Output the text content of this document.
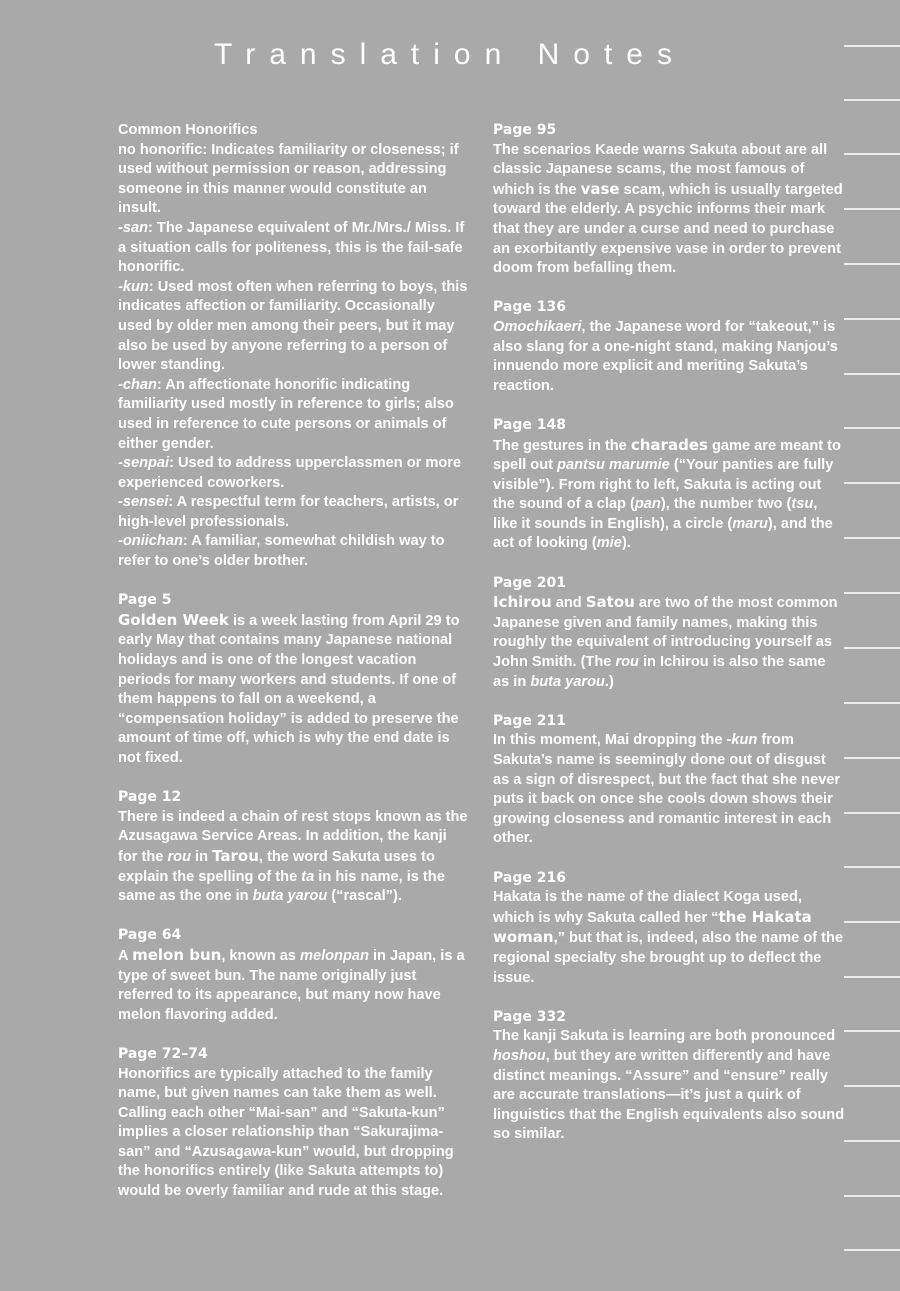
Translation Notes

Common Honorifics

no honorific: Indicates familiarity or closeness; if used without permission or reason, addressing someone in this manner would constitute an insult.

-san: The Japanese equivalent of Mr./Mrs./ Miss. If a situation calls for politeness, this is the fail-safe honorific.

-kun: Used most often when referring to boys, this indicates affection or familiarity. Occasionally used by older men among their peers, but it may also be used by anyone referring to a person of lower standing.

-chan: An affectionate honorific indicating familiarity used mostly in reference to girls; also used in reference to cute persons or animals of either gender.

-senpai: Used to address upperclassmen or more experienced coworkers.

-sensei: A respectful term for teachers, artists, or high-level professionals.

-oniichan: A familiar, somewhat childish way to refer to one’s older brother.

Page 5

Golden Week is a week lasting from April 29 to early May that contains many Japanese national holidays and is one of the longest vacation periods for many workers and students. If one of them happens to fall on a weekend, a “compensation holiday” is added to preserve the amount of time off, which is why the end date is not fixed.

Page 12

There is indeed a chain of rest stops known as the Azusagawa Service Areas. In addition, the kanji for the rou in Tarou, the word Sakuta uses to explain the spelling of the ta in his name, is the same as the one in buta yarou (“rascal”).

Page 64

A melon bun, known as melonpan in Japan, is a type of sweet bun. The name originally just referred to its appearance, but many now have melon flavoring added.

Page 72–74

Honorifics are typically attached to the family name, but given names can take them as well. Calling each other “Mai-san” and “Sakuta-kun” implies a closer relationship than “Sakurajima-san” and “Azusagawa-kun” would, but dropping the honorifics entirely (like Sakuta attempts to) would be overly familiar and rude at this stage.

Page 95

The scenarios Kaede warns Sakuta about are all classic Japanese scams, the most famous of which is the vase scam, which is usually targeted toward the elderly. A psychic informs their mark that they are under a curse and need to purchase an exorbitantly expensive vase in order to prevent doom from befalling them.

Page 136

Omochikaeri, the Japanese word for “takeout,” is also slang for a one-night stand, making Nanjou’s innuendo more explicit and meriting Sakuta’s reaction.

Page 148

The gestures in the charades game are meant to spell out pantsu marumie (“Your panties are fully visible”). From right to left, Sakuta is acting out the sound of a clap (pan), the number two (tsu, like it sounds in English), a circle (maru), and the act of looking (mie).

Page 201

Ichirou and Satou are two of the most common Japanese given and family names, making this roughly the equivalent of introducing yourself as John Smith. (The rou in Ichirou is also the same as in buta yarou.)

Page 211

In this moment, Mai dropping the -kun from Sakuta’s name is seemingly done out of disgust as a sign of disrespect, but the fact that she never puts it back on once she cools down shows their growing closeness and romantic interest in each other.

Page 216

Hakata is the name of the dialect Koga used, which is why Sakuta called her “the Hakata woman,” but that is, indeed, also the name of the regional specialty she brought up to deflect the issue.

Page 332

The kanji Sakuta is learning are both pronounced hoshou, but they are written differently and have distinct meanings. “Assure” and “ensure” really are accurate translations—it’s just a quirk of linguistics that the English equivalents also sound so similar.
